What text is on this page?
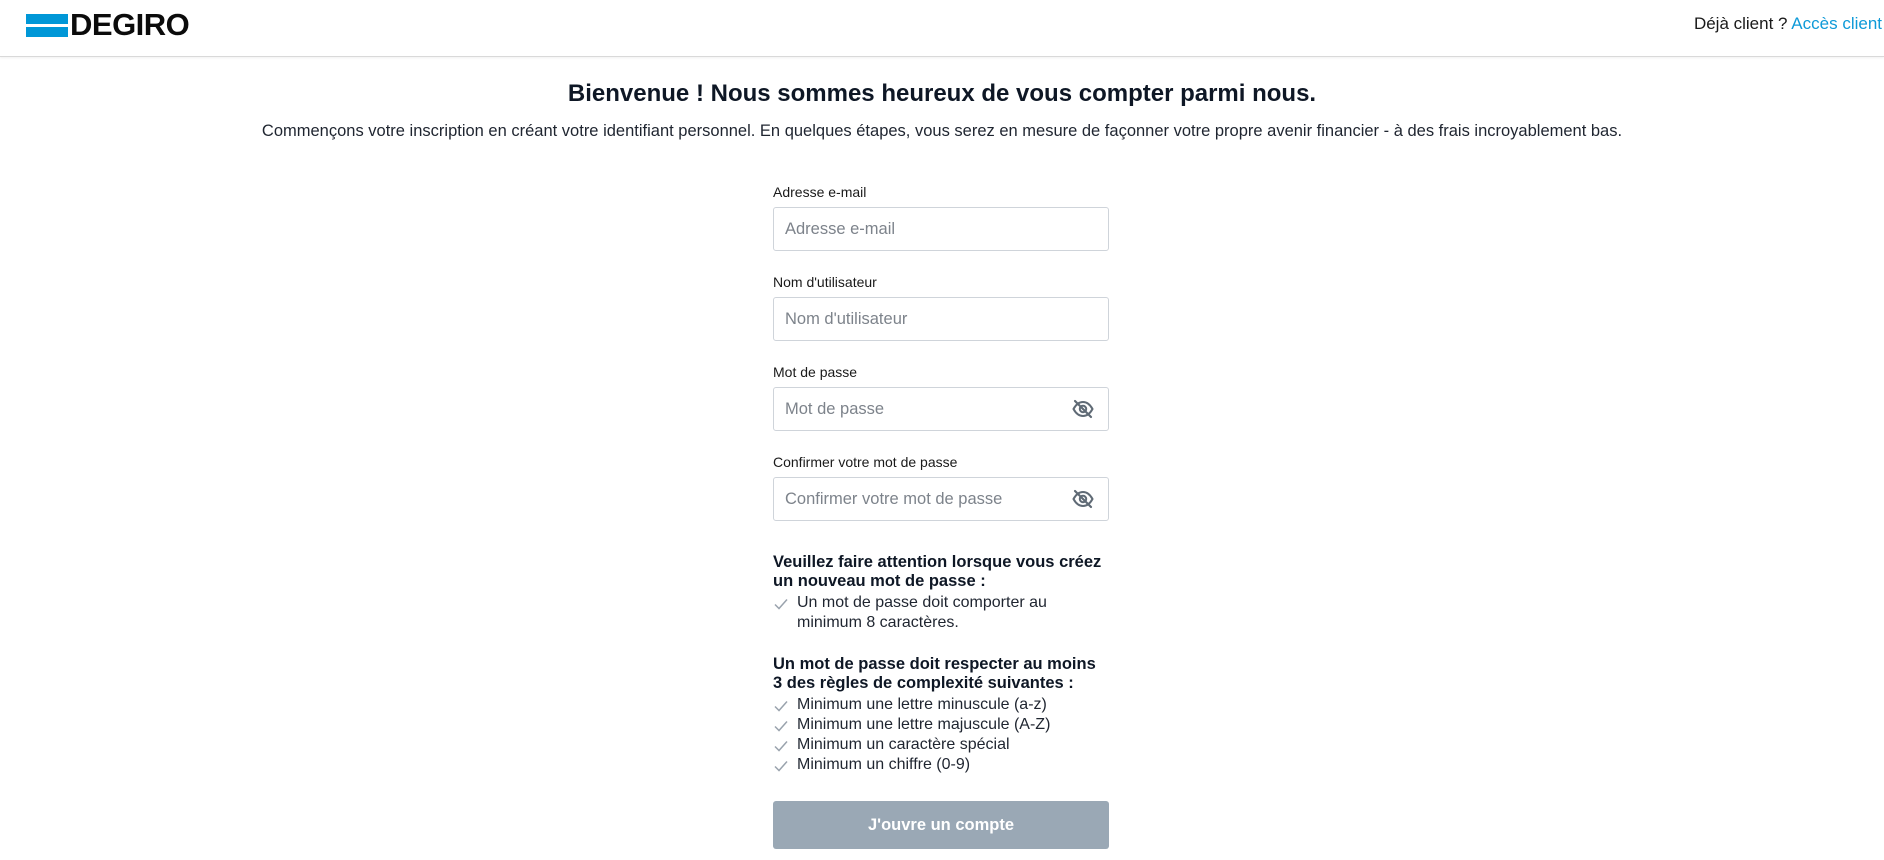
DEGIRO	Déjà client ? Accès client
Bienvenue ! Nous sommes heureux de vous compter parmi nous.

Commençons votre inscription en créant votre identifiant personnel. En quelques étapes, vous serez en mesure de façonner votre propre avenir financier - à des frais incroyablement bas.

Adresse e-mail
Adresse e-mail
Nom d'utilisateur
Nom d'utilisateur
Mot de passe
Confirmer votre mot de passe

Veuillez faire attention lorsque vous créez un nouveau mot de passe :

Un mot de passe doit comporter au minimum 8 caractères.

Un mot de passe doit respecter au moins 3 des règles de complexité suivantes :

Minimum une lettre minuscule (a-z)
Minimum une lettre majuscule (A-Z)
Minimum un caractère spécial
Minimum un chiffre (0-9)
J'ouvre un compte
